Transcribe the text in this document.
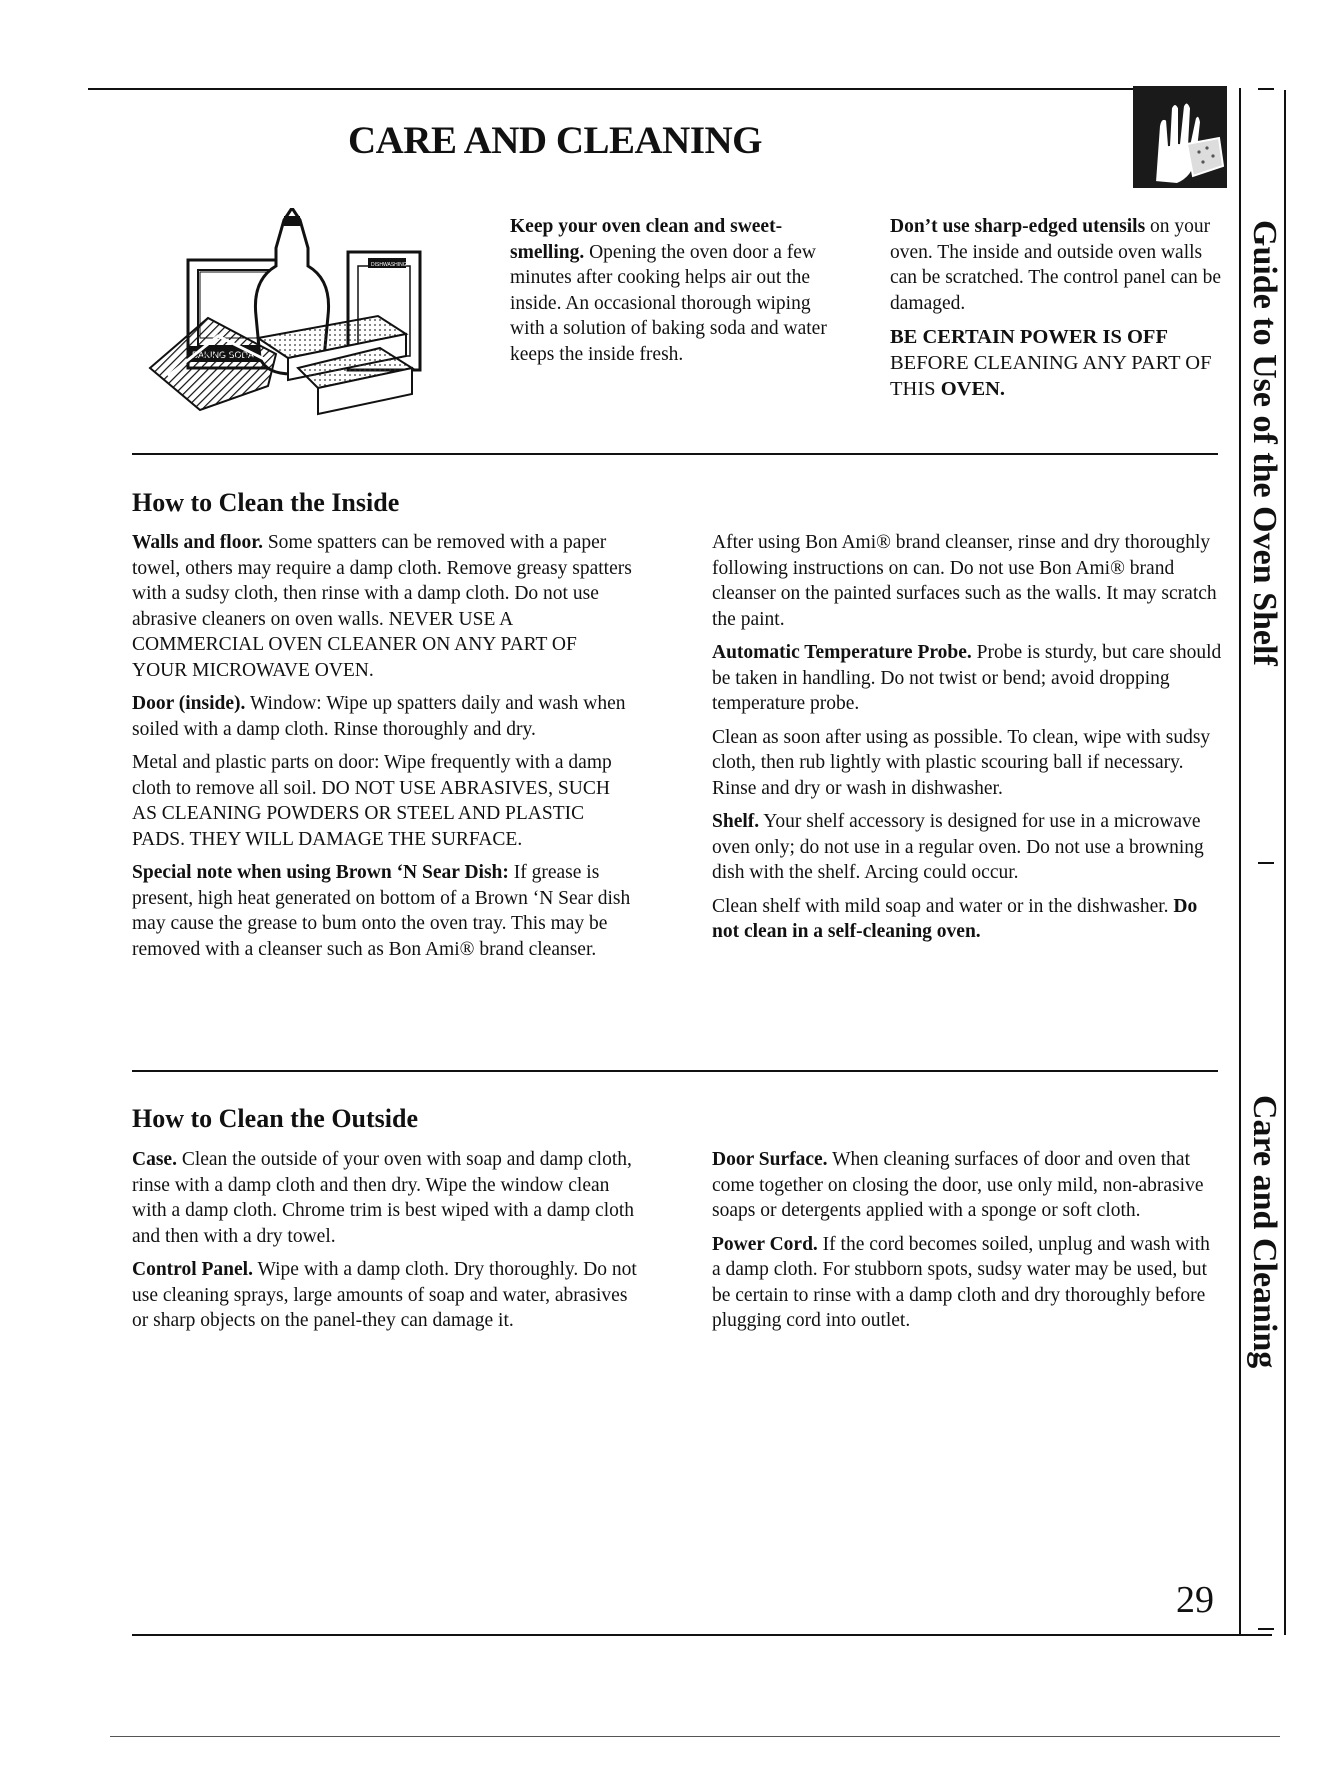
CARE AND CLEANING
DISHWASHING

Keep your oven clean and sweet-smelling. Opening the oven door a few minutes after cooking helps air out the inside. An occasional thorough wiping with a solution of baking soda and water keeps the inside fresh.

Don’t use sharp-edged utensils on your oven. The inside and outside oven walls can be scratched. The control panel can be damaged.

BE CERTAIN POWER IS OFF BEFORE CLEANING ANY PART OF THIS OVEN.

How to Clean the Inside

Walls and floor. Some spatters can be removed with a paper towel, others may require a damp cloth. Remove greasy spatters with a sudsy cloth, then rinse with a damp cloth. Do not use abrasive cleaners on oven walls. NEVER USE A COMMERCIAL OVEN CLEANER ON ANY PART OF YOUR MICROWAVE OVEN.

Door (inside). Window: Wipe up spatters daily and wash when soiled with a damp cloth. Rinse thoroughly and dry.

Metal and plastic parts on door: Wipe frequently with a damp cloth to remove all soil. DO NOT USE ABRASIVES, SUCH AS CLEANING POWDERS OR STEEL AND PLASTIC PADS. THEY WILL DAMAGE THE SURFACE.

Special note when using Brown ‘N Sear Dish: If grease is present, high heat generated on bottom of a Brown ‘N Sear dish may cause the grease to bum onto the oven tray. This may be removed with a cleanser such as Bon Ami® brand cleanser.

After using Bon Ami® brand cleanser, rinse and dry thoroughly following instructions on can. Do not use Bon Ami® brand cleanser on the painted surfaces such as the walls. It may scratch the paint.

Automatic Temperature Probe. Probe is sturdy, but care should be taken in handling. Do not twist or bend; avoid dropping temperature probe.

Clean as soon after using as possible. To clean, wipe with sudsy cloth, then rub lightly with plastic scouring ball if necessary. Rinse and dry or wash in dishwasher.

Shelf. Your shelf accessory is designed for use in a microwave oven only; do not use in a regular oven. Do not use a browning dish with the shelf. Arcing could occur.

Clean shelf with mild soap and water or in the dishwasher. Do not clean in a self-cleaning oven.

How to Clean the Outside

Case. Clean the outside of your oven with soap and damp cloth, rinse with a damp cloth and then dry. Wipe the window clean with a damp cloth. Chrome trim is best wiped with a damp cloth and then with a dry towel.

Control Panel. Wipe with a damp cloth. Dry thoroughly. Do not use cleaning sprays, large amounts of soap and water, abrasives or sharp objects on the panel-they can damage it.

Door Surface. When cleaning surfaces of door and oven that come together on closing the door, use only mild, non-abrasive soaps or detergents applied with a sponge or soft cloth.

Power Cord. If the cord becomes soiled, unplug and wash with a damp cloth. For stubborn spots, sudsy water may be used, but be certain to rinse with a damp cloth and dry thoroughly before plugging cord into outlet.

Guide to Use of the Oven Shelf
Care and Cleaning
29
